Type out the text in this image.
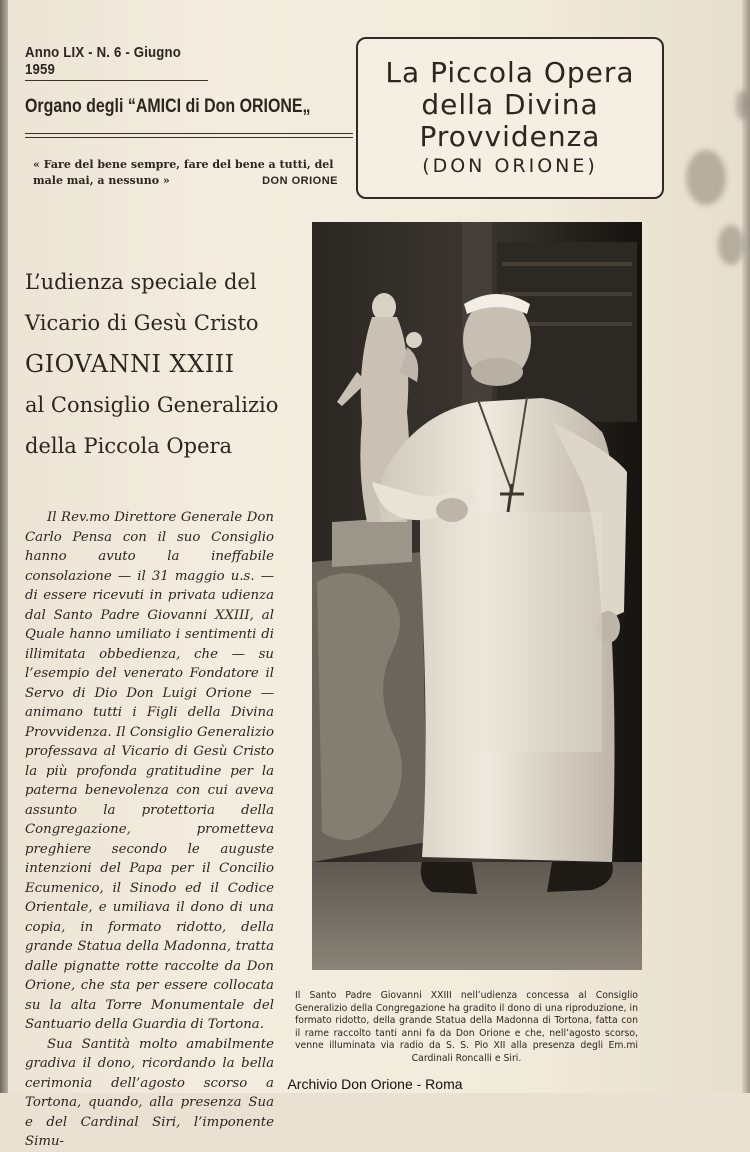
Anno LIX - N. 6 - Giugno 1959
Organo degli “AMICI di Don ORIONE„
« Fare del bene sempre, fare del bene a tutti, del male mai, a nessuno »	DON ORIONE
La Piccola Opera
della Divina
Provvidenza
(DON ORIONE)
L’udienza speciale del
Vicario di Gesù Cristo
GIOVANNI XXIII
al Consiglio Generalizio
della Piccola Opera

Il Rev.mo Direttore Generale Don Carlo Pensa con il suo Consiglio hanno avuto la ineffabile consolazione — il 31 maggio u.s. — di essere ricevuti in privata udienza dal Santo Padre Giovanni XXIII, al Quale hanno umiliato i sentimenti di illimitata obbedienza, che — su l’esempio del venerato Fondatore il Servo di Dio Don Luigi Orione — animano tutti i Figli della Divina Provvidenza. Il Consiglio Generalizio professava al Vicario di Gesù Cristo la più profonda gratitudine per la paterna benevolenza con cui aveva assunto la protettoria della Congregazione, prometteva preghiere secondo le auguste intenzioni del Papa per il Concilio Ecumenico, il Sinodo ed il Codice Orientale, e umiliava il dono di una copia, in formato ridotto, della grande Statua della Madonna, tratta dalle pignatte rotte raccolte da Don Orione, che sta per essere collocata su la alta Torre Monumentale del Santuario della Guardia di Tortona.

Sua Santità molto amabilmente gradiva il dono, ricordando la bella cerimonia dell’agosto scorso a Tortona, quando, alla presenza Sua e del Cardinal Siri, l’imponente Simu-

Il Santo Padre Giovanni XXIII nell’udienza concessa al Consiglio Generalizio della Congregazione ha gradito il dono di una riproduzione, in formato ridotto, della grande Statua della Madonna di Tortona, fatta con il rame raccolto tanti anni fa da Don Orione e che, nell’agosto scorso, venne illuminata via radio da S. S. Pio XII alla presenza degli Em.mi Cardinali Roncalli e Siri.
Archivio Don Orione - Roma
